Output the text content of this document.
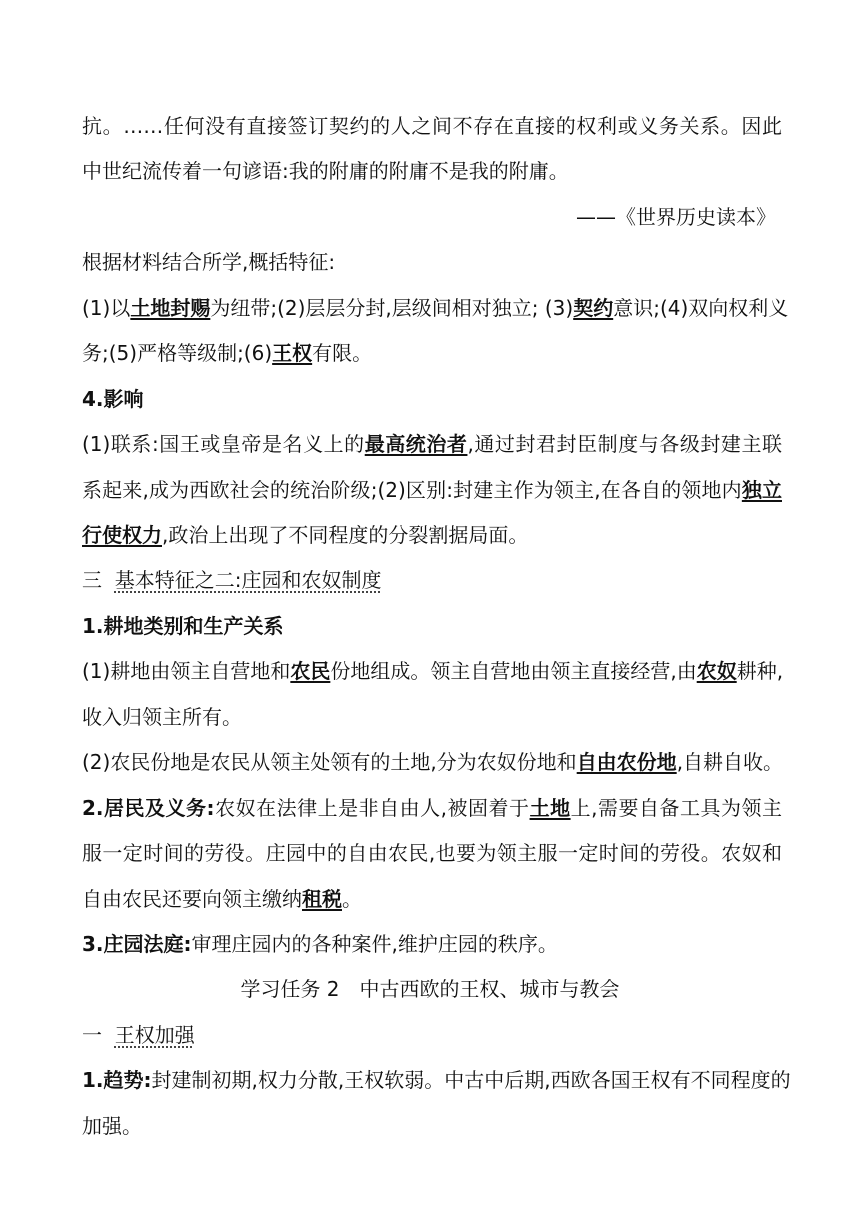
抗。……任何没有直接签订契约的人之间不存在直接的权利或义务关系。因此
中世纪流传着一句谚语:我的附庸的附庸不是我的附庸。
——《世界历史读本》
根据材料结合所学,概括特征:
(1)以土地封赐为纽带;(2)层层分封,层级间相对独立; (3)契约意识;(4)双向权利义
务;(5)严格等级制;(6)王权有限。
4.影响
(1)联系:国王或皇帝是名义上的最高统治者,通过封君封臣制度与各级封建主联
系起来,成为西欧社会的统治阶级;(2)区别:封建主作为领主,在各自的领地内独立
行使权力,政治上出现了不同程度的分裂割据局面。
三 基本特征之二:庄园和农奴制度
1.耕地类别和生产关系
(1)耕地由领主自营地和农民份地组成。领主自营地由领主直接经营,由农奴耕种,
收入归领主所有。
(2)农民份地是农民从领主处领有的土地,分为农奴份地和自由农份地,自耕自收。
2.居民及义务:农奴在法律上是非自由人,被固着于土地上,需要自备工具为领主
服一定时间的劳役。庄园中的自由农民,也要为领主服一定时间的劳役。农奴和
自由农民还要向领主缴纳租税。
3.庄园法庭:审理庄园内的各种案件,维护庄园的秩序。
学习任务 2　中古西欧的王权、城市与教会
一 王权加强
1.趋势:封建制初期,权力分散,王权软弱。中古中后期,西欧各国王权有不同程度的
加强。
